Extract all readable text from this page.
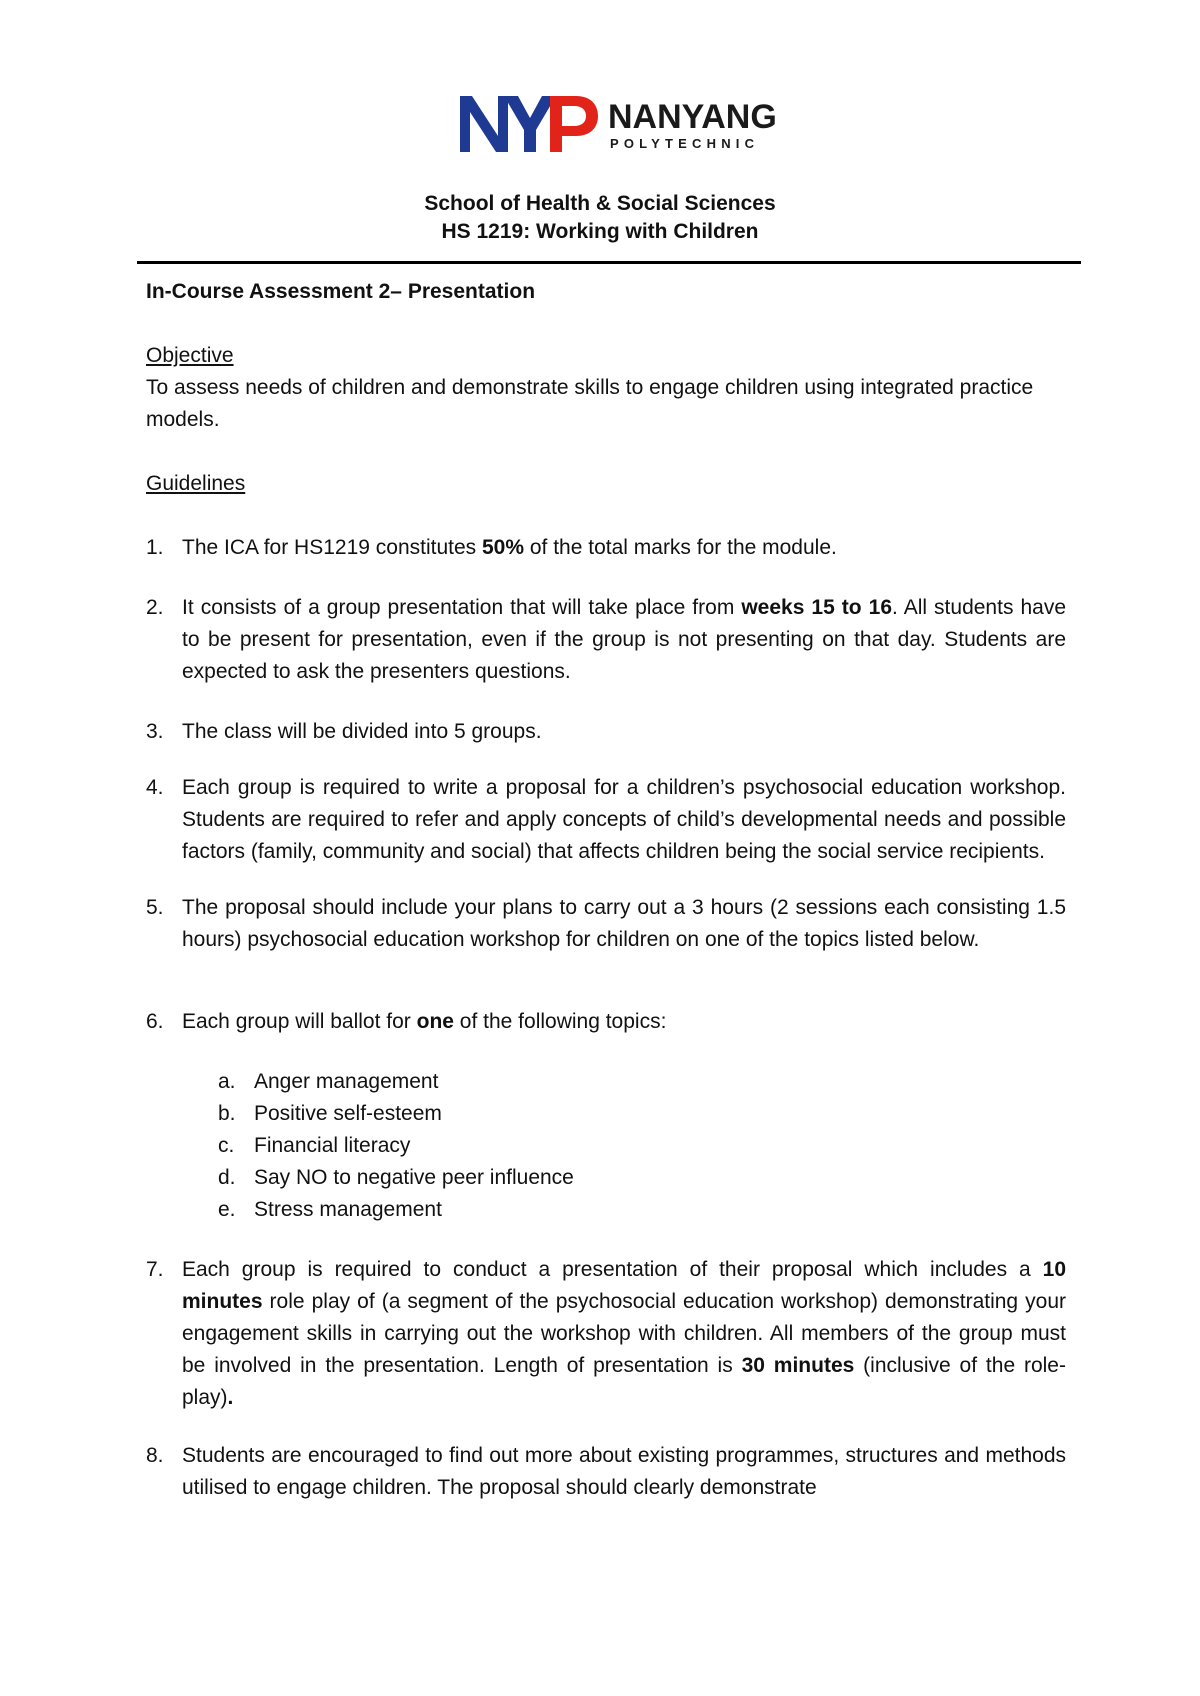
NANYANG
POLYTECHNIC
School of Health & Social Sciences
HS 1219: Working with Children

In-Course Assessment 2– Presentation

Objective

To assess needs of children and demonstrate skills to engage children using integrated practice models.

Guidelines

1. The ICA for HS1219 constitutes 50% of the total marks for the module.
2. It consists of a group presentation that will take place from weeks 15 to 16. All students have to be present for presentation, even if the group is not presenting on that day. Students are expected to ask the presenters questions.
3. The class will be divided into 5 groups.
4. Each group is required to write a proposal for a children’s psychosocial education workshop. Students are required to refer and apply concepts of child’s developmental needs and possible factors (family, community and social) that affects children being the social service recipients.
5. The proposal should include your plans to carry out a 3 hours (2 sessions each consisting 1.5 hours) psychosocial education workshop for children on one of the topics listed below.
6. Each group will ballot for one of the following topics:
a. Anger management
b. Positive self-esteem
c. Financial literacy
d. Say NO to negative peer influence
e. Stress management
7. Each group is required to conduct a presentation of their proposal which includes a 10 minutes role play of (a segment of the psychosocial education workshop) demonstrating your engagement skills in carrying out the workshop with children. All members of the group must be involved in the presentation. Length of presentation is 30 minutes (inclusive of the role-play).
8. Students are encouraged to find out more about existing programmes, structures and methods utilised to engage children. The proposal should clearly demonstrate
